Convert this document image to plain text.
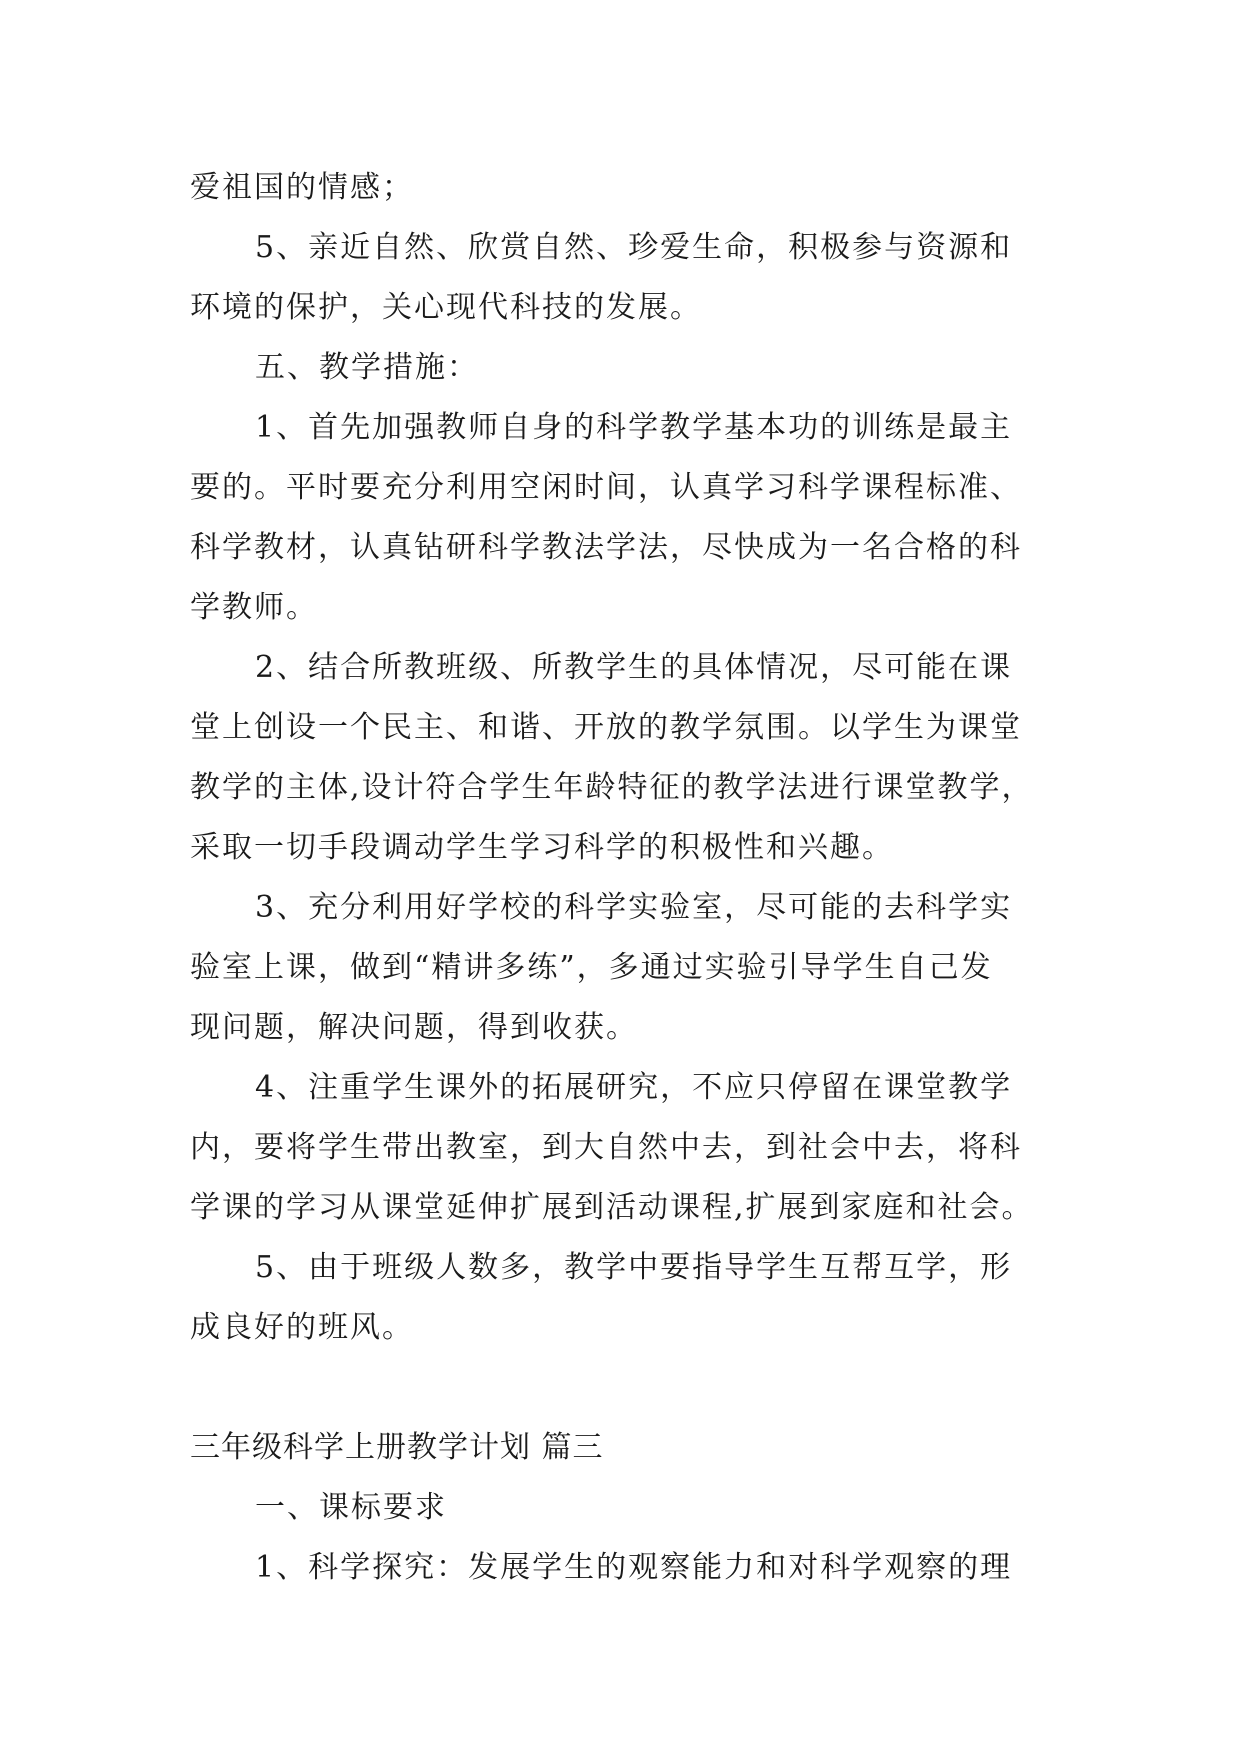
爱祖国的情感；
5、亲近自然、欣赏自然、珍爱生命，积极参与资源和
环境的保护，关心现代科技的发展。
五、教学措施：
1、首先加强教师自身的科学教学基本功的训练是最主
要的。平时要充分利用空闲时间，认真学习科学课程标准、
科学教材，认真钻研科学教法学法，尽快成为一名合格的科
学教师。
2、结合所教班级、所教学生的具体情况，尽可能在课
堂上创设一个民主、和谐、开放的教学氛围。以学生为课堂
教学的主体,设计符合学生年龄特征的教学法进行课堂教学，
采取一切手段调动学生学习科学的积极性和兴趣。
3、充分利用好学校的科学实验室，尽可能的去科学实
验室上课，做到“精讲多练”，多通过实验引导学生自己发
现问题，解决问题，得到收获。
4、注重学生课外的拓展研究，不应只停留在课堂教学
内，要将学生带出教室，到大自然中去，到社会中去，将科
学课的学习从课堂延伸扩展到活动课程,扩展到家庭和社会。
5、由于班级人数多，教学中要指导学生互帮互学，形
成良好的班风。
三年级科学上册教学计划 篇三
一、课标要求
1、科学探究：发展学生的观察能力和对科学观察的理
